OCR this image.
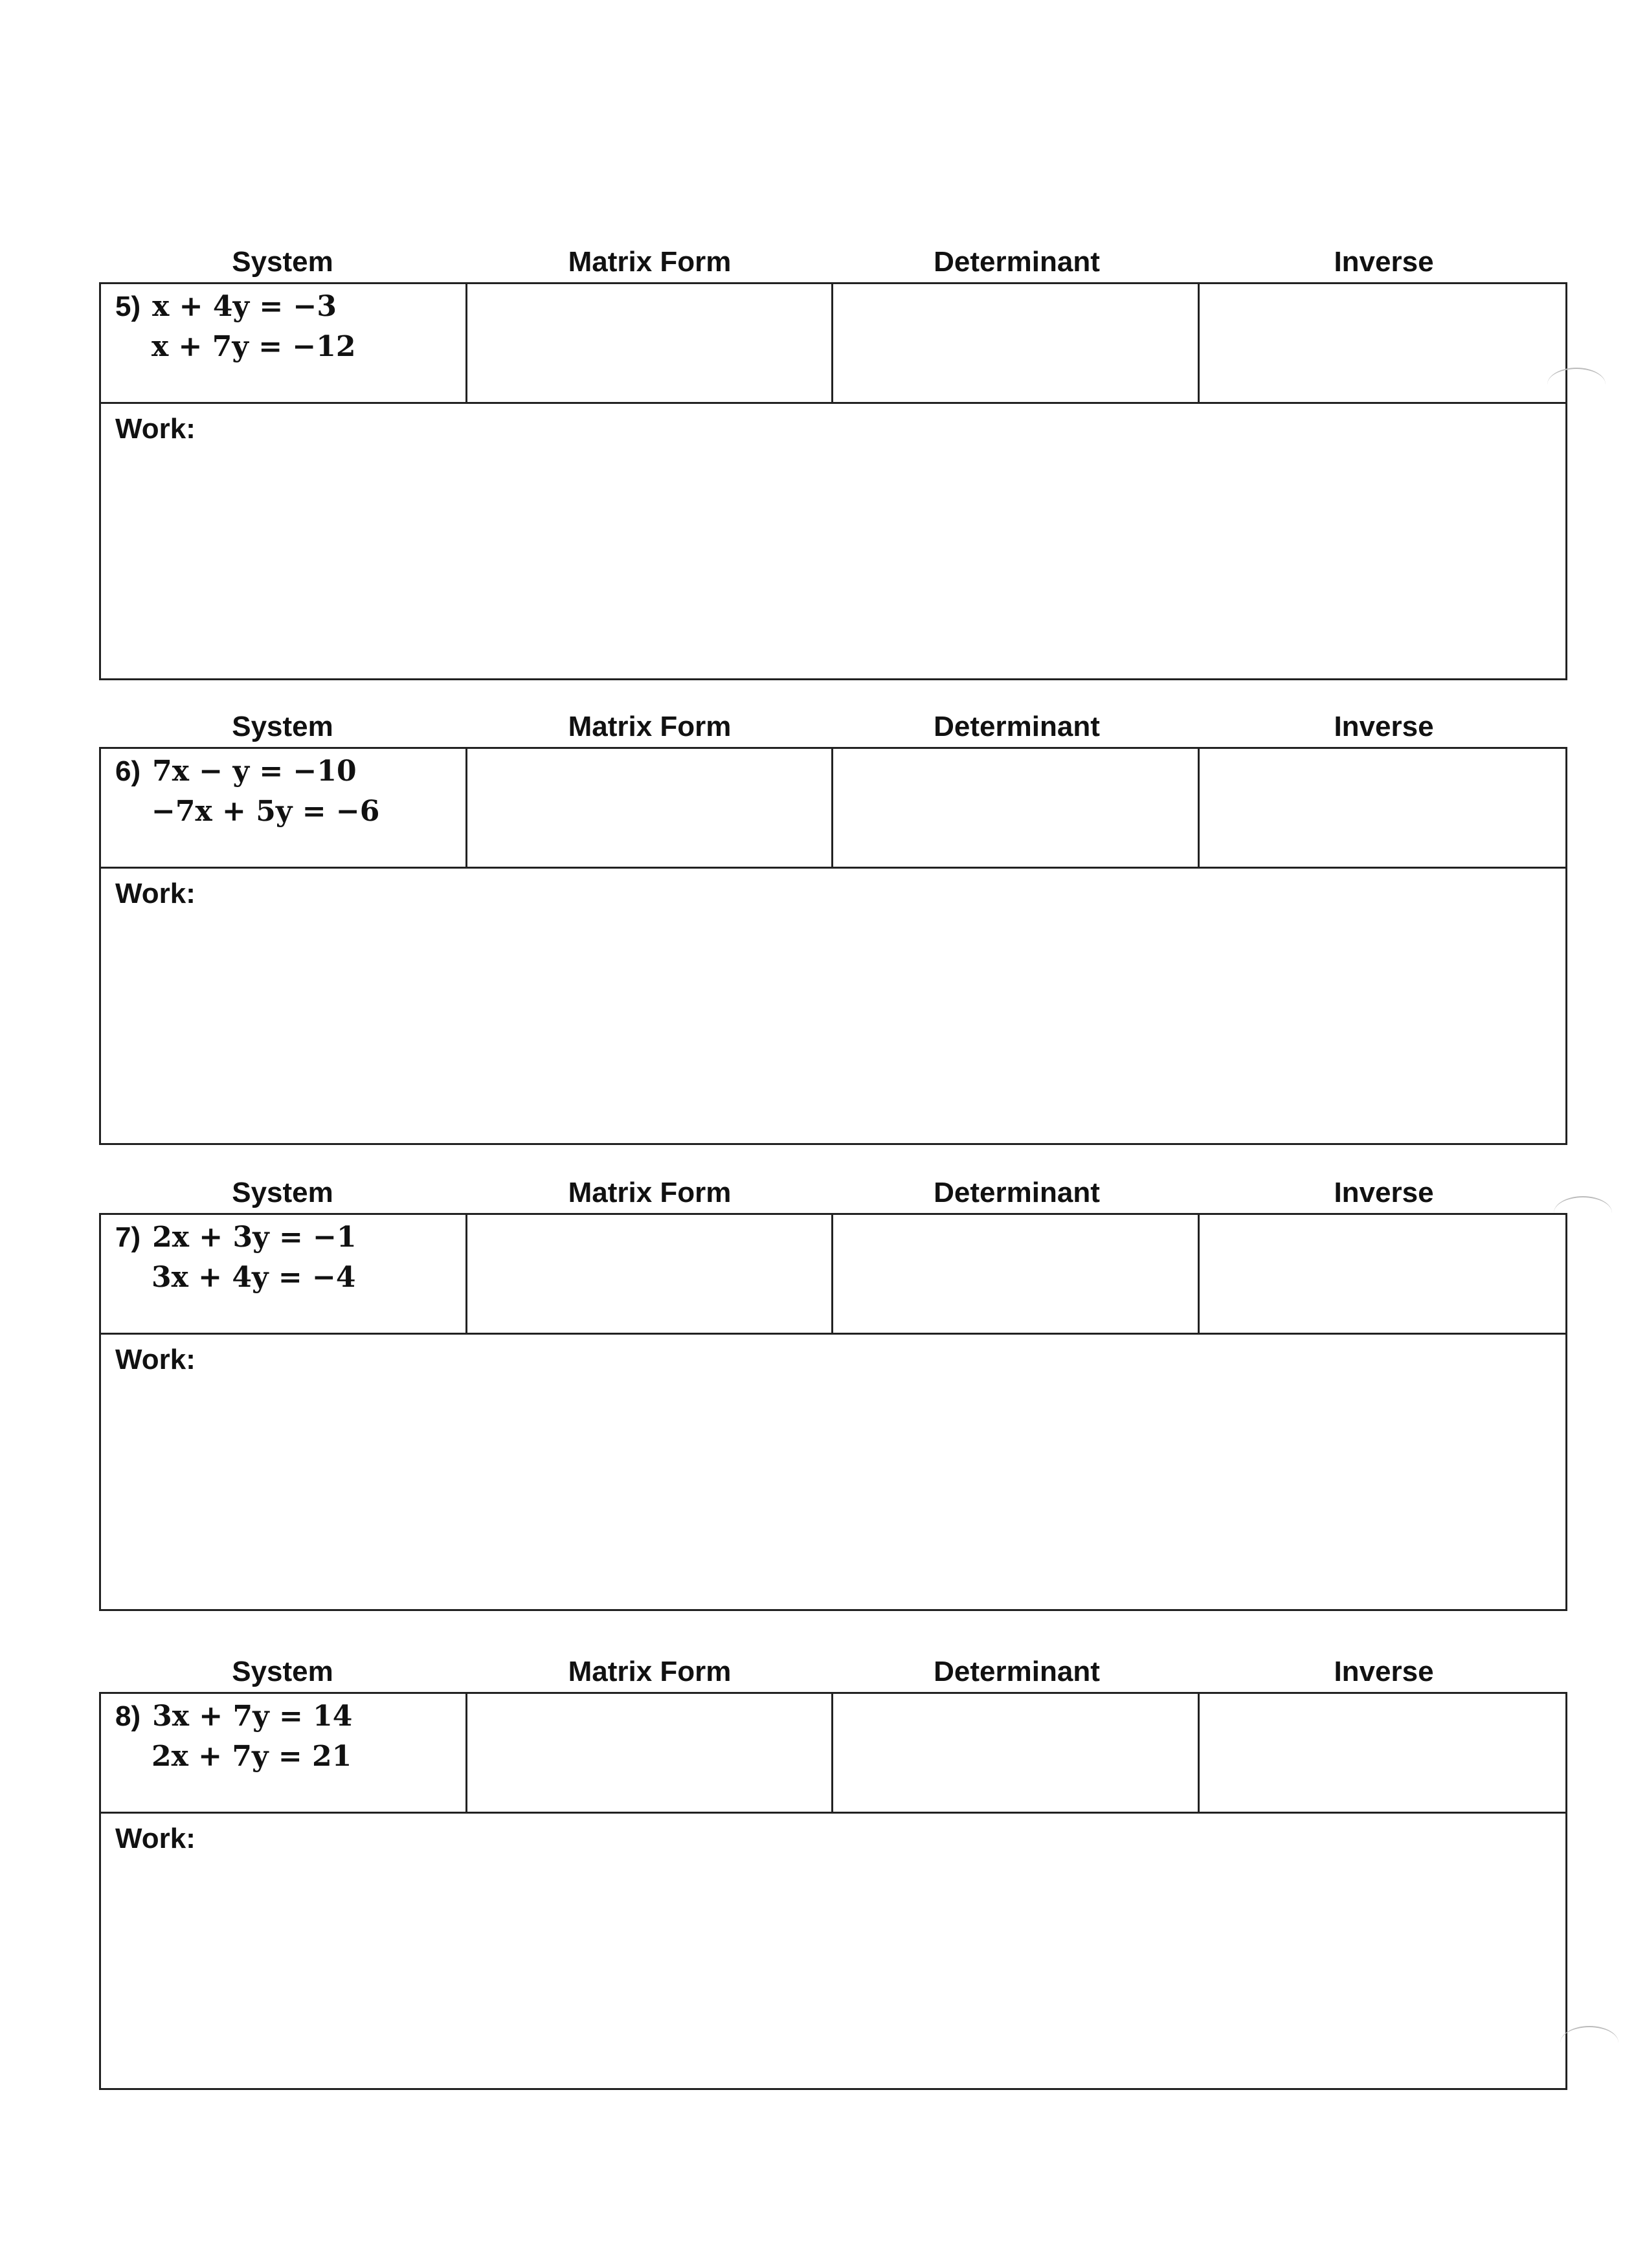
System	Matrix Form	Determinant	Inverse
5) x + 4y = −3
x + 7y = −12
Work:
System	Matrix Form	Determinant	Inverse
6) 7x − y = −10
−7x + 5y = −6
Work:
System	Matrix Form	Determinant	Inverse
7) 2x + 3y = −1
3x + 4y = −4
Work:
System	Matrix Form	Determinant	Inverse
8) 3x + 7y = 14
2x + 7y = 21
Work:
